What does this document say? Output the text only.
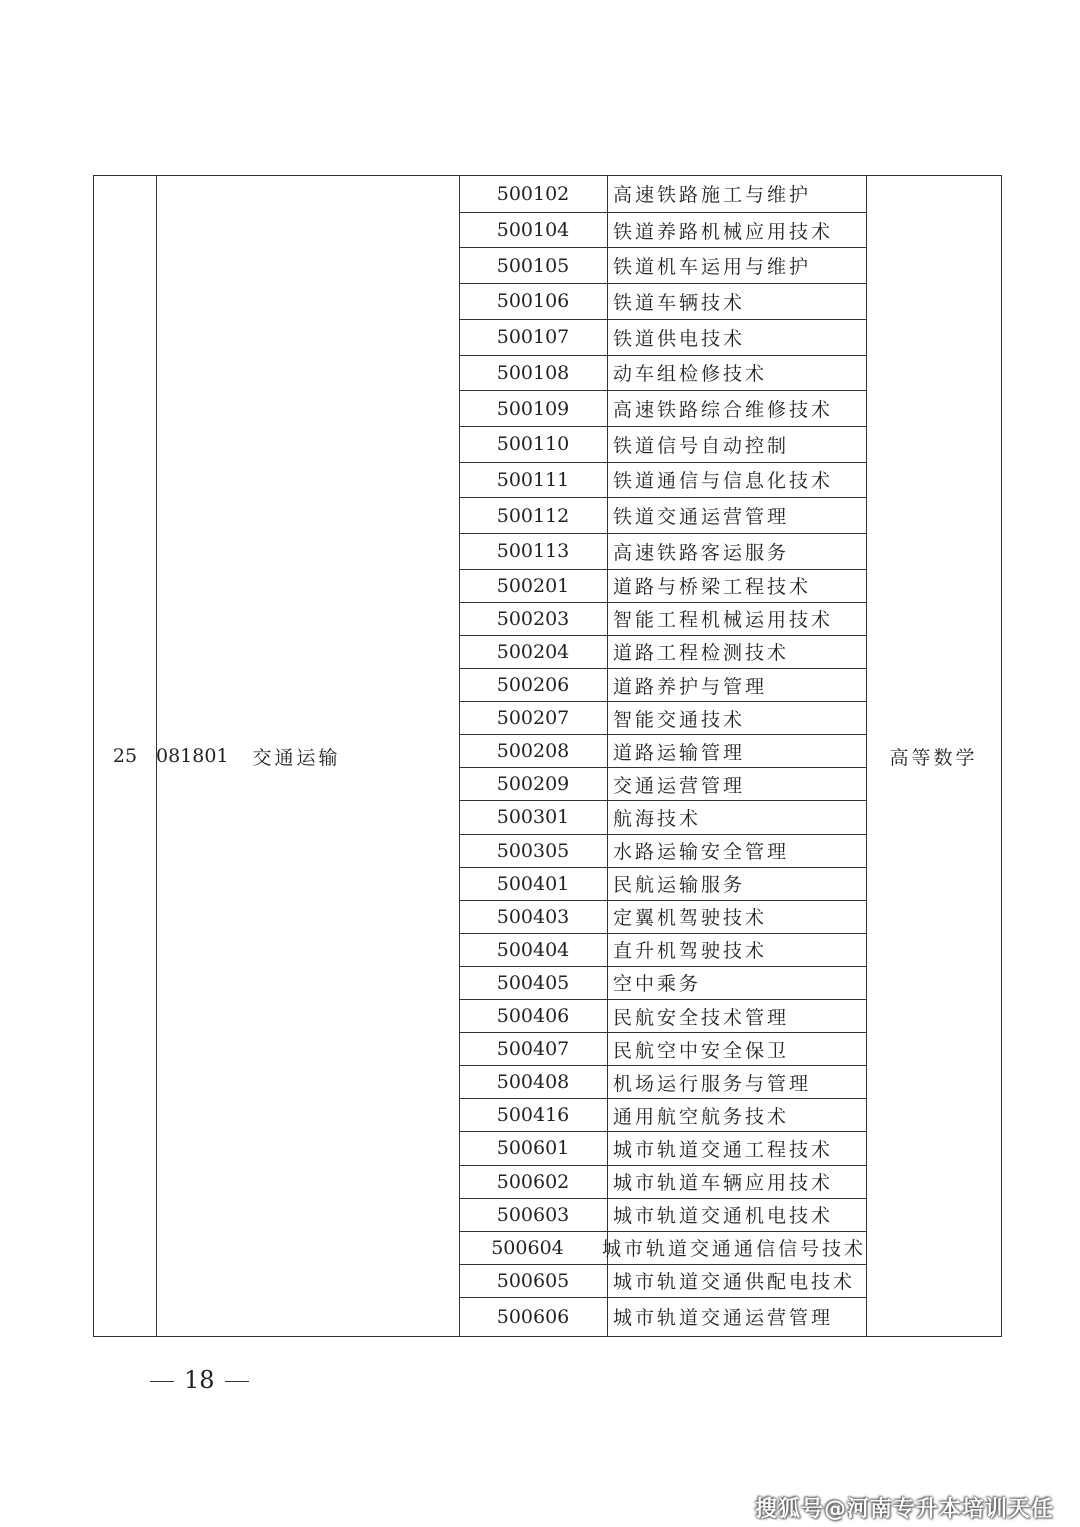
25 081801 交通运输
500102	高速铁路施工与维护
500104	铁道养路机械应用技术
500105	铁道机车运用与维护
500106	铁道车辆技术
500107	铁道供电技术
500108	动车组检修技术
500109	高速铁路综合维修技术
500110	铁道信号自动控制
500111	铁道通信与信息化技术
500112	铁道交通运营管理
500113	高速铁路客运服务
500201	道路与桥梁工程技术
500203	智能工程机械运用技术
500204	道路工程检测技术
500206	道路养护与管理
500207	智能交通技术
500208	道路运输管理
500209	交通运营管理
500301	航海技术
500305	水路运输安全管理
500401	民航运输服务
500403	定翼机驾驶技术
500404	直升机驾驶技术
500405	空中乘务
500406	民航安全技术管理
500407	民航空中安全保卫
500408	机场运行服务与管理
500416	通用航空航务技术
500601	城市轨道交通工程技术
500602	城市轨道车辆应用技术
500603	城市轨道交通机电技术
500604	城市轨道交通通信信号技术
500605	城市轨道交通供配电技术
500606	城市轨道交通运营管理
高等数学
18
搜狐号@河南专升本培训天任
